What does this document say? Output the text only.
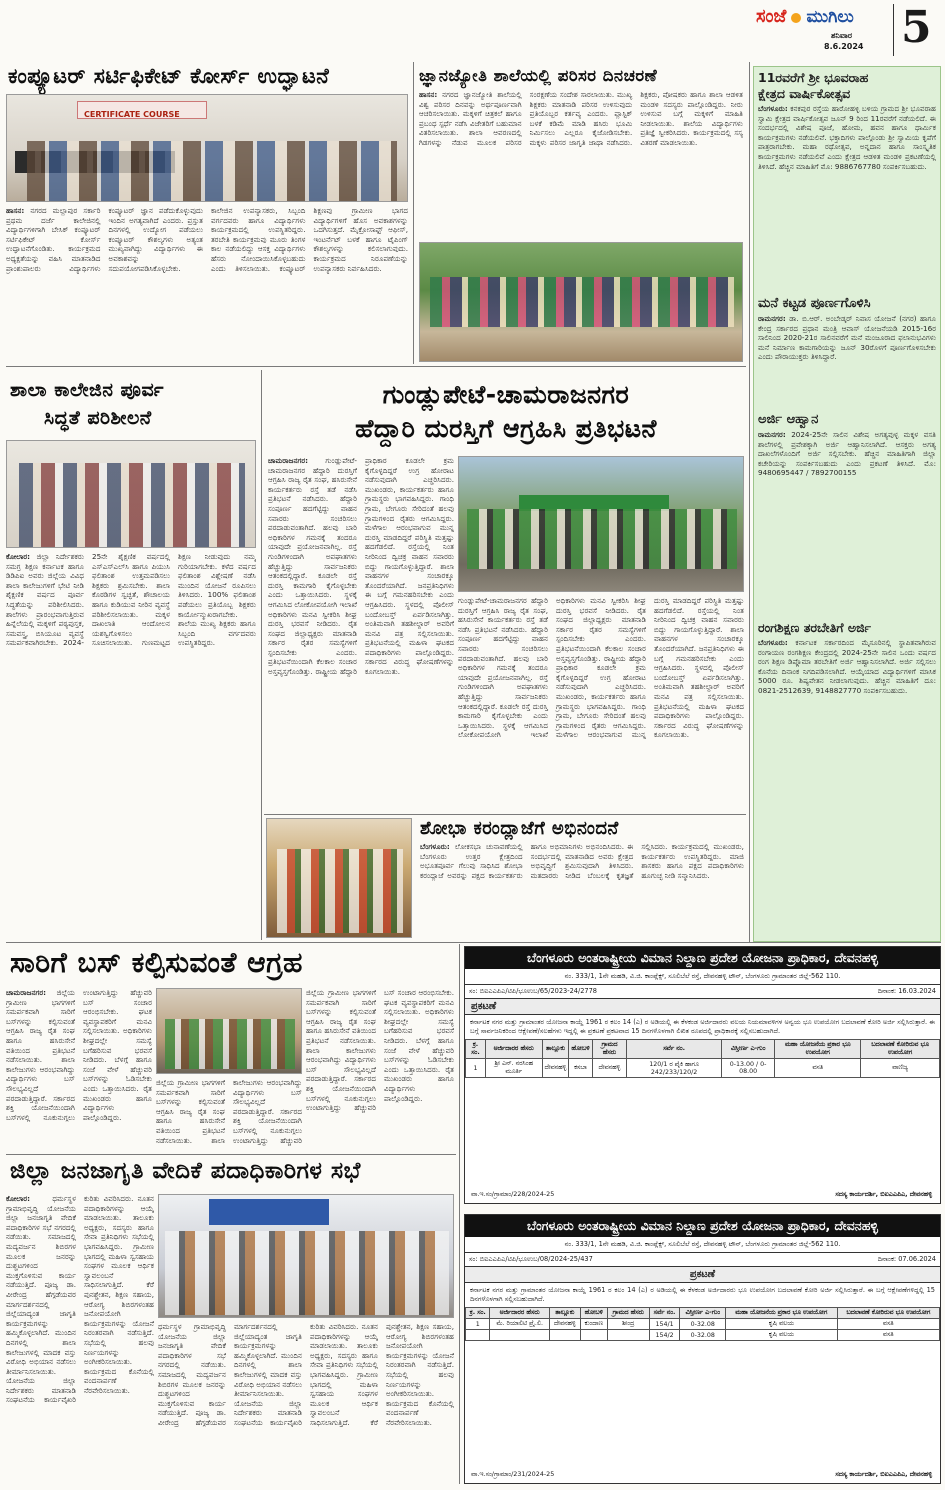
ಸಂಜೆ ಮುಗಿಲು
ಶನಿವಾರ
8.6.2024 5
ಕಂಪ್ಯೂಟರ್ ಸರ್ಟಿಫಿಕೇಟ್ ಕೋರ್ಸ್ ಉದ್ಘಾಟನೆ
CERTIFICATE COURSE
ಹಾಸನ: ನಗರದ ಮಲ್ಲಾಪುರ ಸರ್ಕಾರಿ ಪ್ರಥಮ ದರ್ಜೆ ಕಾಲೇಜಿನಲ್ಲಿ ವಿದ್ಯಾರ್ಥಿಗಳಿಗಾಗಿ ಬೇಸಿಕ್ ಕಂಪ್ಯೂಟರ್ ಸರ್ಟಿಫಿಕೇಟ್ ಕೋರ್ಸ್ ಉದ್ಘಾಟನೆಗೊಂಡಿತು. ಕಾರ್ಯಕ್ರಮದ ಅಧ್ಯಕ್ಷತೆಯನ್ನು ವಹಿಸಿ ಮಾತನಾಡಿದ ಪ್ರಾಂಶುಪಾಲರು ವಿದ್ಯಾರ್ಥಿಗಳು ಕಂಪ್ಯೂಟರ್ ಜ್ಞಾನ ಪಡೆದುಕೊಳ್ಳುವುದು ಇಂದಿನ ಅಗತ್ಯವಾಗಿದೆ ಎಂದರು. ಪ್ರಸ್ತುತ ದಿನಗಳಲ್ಲಿ ಉದ್ಯೋಗ ಪಡೆಯಲು ಕಂಪ್ಯೂಟರ್ ಕೌಶಲ್ಯಗಳು ಅತ್ಯಂತ ಮುಖ್ಯವಾಗಿದ್ದು ವಿದ್ಯಾರ್ಥಿಗಳು ಈ ಅವಕಾಶವನ್ನು ಸದುಪಯೋಗಪಡಿಸಿಕೊಳ್ಳಬೇಕು. ಕಾಲೇಜಿನ ಉಪನ್ಯಾಸಕರು, ಸಿಬ್ಬಂದಿ ವರ್ಗದವರು ಹಾಗೂ ವಿದ್ಯಾರ್ಥಿಗಳು ಕಾರ್ಯಕ್ರಮದಲ್ಲಿ ಉಪಸ್ಥಿತರಿದ್ದರು. ತರಬೇತಿ ಕಾರ್ಯಕ್ರಮವು ಮೂರು ತಿಂಗಳ ಕಾಲ ನಡೆಯಲಿದ್ದು ಆಸಕ್ತ ವಿದ್ಯಾರ್ಥಿಗಳು ಹೆಸರು ನೋಂದಾಯಿಸಿಕೊಳ್ಳಬಹುದು ಎಂದು ತಿಳಿಸಲಾಯಿತು. ಕಂಪ್ಯೂಟರ್ ಶಿಕ್ಷಣವು ಗ್ರಾಮೀಣ ಭಾಗದ ವಿದ್ಯಾರ್ಥಿಗಳಿಗೆ ಹೊಸ ಅವಕಾಶಗಳನ್ನು ಒದಗಿಸುತ್ತದೆ. ಮೈಕ್ರೋಸಾಫ್ಟ್ ಆಫೀಸ್, ಇಂಟರ್ನೆಟ್ ಬಳಕೆ ಹಾಗೂ ಟೈಪಿಂಗ್ ಕೌಶಲ್ಯಗಳನ್ನು ಕಲಿಸಲಾಗುವುದು. ಕಾರ್ಯಕ್ರಮದ ನಿರೂಪಣೆಯನ್ನು ಉಪನ್ಯಾಸಕರು ನಿರ್ವಹಿಸಿದರು.
ಜ್ಞಾನಜ್ಯೋತಿ ಶಾಲೆಯಲ್ಲಿ ಪರಿಸರ ದಿನಚರಣೆ
ಹಾಸನ: ನಗರದ ಜ್ಞಾನಜ್ಯೋತಿ ಶಾಲೆಯಲ್ಲಿ ವಿಶ್ವ ಪರಿಸರ ದಿನವನ್ನು ಅರ್ಥಪೂರ್ಣವಾಗಿ ಆಚರಿಸಲಾಯಿತು. ಮಕ್ಕಳಿಗೆ ಚಿತ್ರಕಲೆ ಹಾಗೂ ಪ್ರಬಂಧ ಸ್ಪರ್ಧೆ ನಡೆಸಿ ವಿಜೇತರಿಗೆ ಬಹುಮಾನ ವಿತರಿಸಲಾಯಿತು. ಶಾಲಾ ಆವರಣದಲ್ಲಿ ಗಿಡಗಳನ್ನು ನೆಡುವ ಮೂಲಕ ಪರಿಸರ ಸಂರಕ್ಷಣೆಯ ಸಂದೇಶ ಸಾರಲಾಯಿತು. ಮುಖ್ಯ ಶಿಕ್ಷಕರು ಮಾತನಾಡಿ ಪರಿಸರ ಉಳಿಸುವುದು ಪ್ರತಿಯೊಬ್ಬರ ಕರ್ತವ್ಯ ಎಂದರು. ಪ್ಲಾಸ್ಟಿಕ್ ಬಳಕೆ ಕಡಿಮೆ ಮಾಡಿ ಹಸಿರು ಭೂಮಿ ನಿರ್ಮಿಸಲು ಎಲ್ಲರೂ ಕೈಜೋಡಿಸಬೇಕು. ಮಕ್ಕಳು ಪರಿಸರ ಜಾಗೃತಿ ಜಾಥಾ ನಡೆಸಿದರು. ಶಿಕ್ಷಕರು, ಪೋಷಕರು ಹಾಗೂ ಶಾಲಾ ಆಡಳಿತ ಮಂಡಳಿ ಸದಸ್ಯರು ಪಾಲ್ಗೊಂಡಿದ್ದರು. ನೀರು ಉಳಿಸುವ ಬಗ್ಗೆ ಮಕ್ಕಳಿಗೆ ಮಾಹಿತಿ ನೀಡಲಾಯಿತು. ಶಾಲೆಯ ವಿದ್ಯಾರ್ಥಿಗಳು ಪ್ರತಿಜ್ಞೆ ಸ್ವೀಕರಿಸಿದರು. ಕಾರ್ಯಕ್ರಮದಲ್ಲಿ ಸಸ್ಯ ವಿತರಣೆ ಮಾಡಲಾಯಿತು.
11ರವರೆಗೆ ಶ್ರೀ ಭೂವರಾಹ
ಕ್ಷೇತ್ರದ ವಾರ್ಷಿಕೋತ್ಸವ
ಬೆಂಗಳೂರು: ಕನಕಪುರ ರಸ್ತೆಯ ಹಾರೋಹಳ್ಳಿ ಬಳಿಯ ಗ್ರಾಮದ ಶ್ರೀ ಭೂವರಾಹ ಸ್ವಾಮಿ ಕ್ಷೇತ್ರದ ವಾರ್ಷಿಕೋತ್ಸವ ಜೂನ್ 9 ರಿಂದ 11ರವರೆಗೆ ನಡೆಯಲಿದೆ. ಈ ಸಂದರ್ಭದಲ್ಲಿ ವಿಶೇಷ ಪೂಜೆ, ಹೋಮ, ಹವನ ಹಾಗೂ ಧಾರ್ಮಿಕ ಕಾರ್ಯಕ್ರಮಗಳು ನಡೆಯಲಿವೆ. ಭಕ್ತಾದಿಗಳು ಪಾಲ್ಗೊಂಡು ಶ್ರೀ ಸ್ವಾಮಿಯ ಕೃಪೆಗೆ ಪಾತ್ರರಾಗಬೇಕು. ಮಹಾ ರಥೋತ್ಸವ, ಅನ್ನದಾನ ಹಾಗೂ ಸಾಂಸ್ಕೃತಿಕ ಕಾರ್ಯಕ್ರಮಗಳು ನಡೆಯಲಿವೆ ಎಂದು ಕ್ಷೇತ್ರದ ಆಡಳಿತ ಮಂಡಳಿ ಪ್ರಕಟಣೆಯಲ್ಲಿ ತಿಳಿಸಿದೆ. ಹೆಚ್ಚಿನ ಮಾಹಿತಿಗೆ ಮೊ: 9886767780 ಸಂಪರ್ಕಿಸಬಹುದು.
ಮನೆ ಕಟ್ಟಡ ಪೂರ್ಣಗೊಳಿಸಿ
ರಾಮನಗರ: ಡಾ. ಬಿ.ಆರ್. ಅಂಬೇಡ್ಕರ್ ನಿವಾಸ ಯೋಜನೆ (ನಗರ) ಹಾಗೂ ಕೇಂದ್ರ ಸರ್ಕಾರದ ಪ್ರಧಾನ ಮಂತ್ರಿ ಆವಾಸ್ ಯೋಜನೆಯಡಿ 2015-16ರ ಸಾಲಿನಿಂದ 2020-21ರ ಸಾಲಿನವರೆಗೆ ಮನೆ ಮಂಜೂರಾದ ಫಲಾನುಭವಿಗಳು ಮನೆ ನಿರ್ಮಾಣ ಕಾಮಗಾರಿಯನ್ನು ಜೂನ್ 30ರೊಳಗೆ ಪೂರ್ಣಗೊಳಿಸಬೇಕು ಎಂದು ಪೌರಾಯುಕ್ತರು ತಿಳಿಸಿದ್ದಾರೆ.
ಅರ್ಜಿ ಆಹ್ವಾನ
ರಾಮನಗರ: 2024-25ನೇ ಸಾಲಿನ ವಿಶೇಷ ಅಗತ್ಯವುಳ್ಳ ಮಕ್ಕಳ ವಸತಿ ಶಾಲೆಗಳಲ್ಲಿ ಪ್ರವೇಶಕ್ಕಾಗಿ ಅರ್ಜಿ ಆಹ್ವಾನಿಸಲಾಗಿದೆ. ಆಸಕ್ತರು ಅಗತ್ಯ ದಾಖಲೆಗಳೊಂದಿಗೆ ಅರ್ಜಿ ಸಲ್ಲಿಸಬೇಕು. ಹೆಚ್ಚಿನ ಮಾಹಿತಿಗಾಗಿ ಜಿಲ್ಲಾ ಕಚೇರಿಯನ್ನು ಸಂಪರ್ಕಿಸಬಹುದು ಎಂದು ಪ್ರಕಟಣೆ ತಿಳಿಸಿದೆ. ಮೊ: 9480695447 / 7892700155
ರಂಗಶಿಕ್ಷಣ ತರಬೇತಿಗೆ ಅರ್ಜಿ
ಬೆಂಗಳೂರು: ಕರ್ನಾಟಕ ಸರ್ಕಾರದಿಂದ ಮೈಸೂರಿನಲ್ಲಿ ಸ್ಥಾಪಿತವಾಗಿರುವ ರಂಗಾಯಣ ರಂಗಶಿಕ್ಷಣ ಕೇಂದ್ರದಲ್ಲಿ 2024-25ನೇ ಸಾಲಿನ ಒಂದು ವರ್ಷದ ರಂಗ ಶಿಕ್ಷಣ ಡಿಪ್ಲೊಮಾ ತರಬೇತಿಗೆ ಅರ್ಜಿ ಆಹ್ವಾನಿಸಲಾಗಿದೆ. ಅರ್ಜಿ ಸಲ್ಲಿಸಲು ಕೊನೆಯ ದಿನಾಂಕ ನಿಗದಿಪಡಿಸಲಾಗಿದೆ. ಆಯ್ಕೆಯಾದ ವಿದ್ಯಾರ್ಥಿಗಳಿಗೆ ಮಾಸಿಕ 5000 ರೂ. ಶಿಷ್ಯವೇತನ ನೀಡಲಾಗುವುದು. ಹೆಚ್ಚಿನ ಮಾಹಿತಿಗೆ ದೂ: 0821-2512639, 9148827770 ಸಂಪರ್ಕಿಸಬಹುದು.
ಶಾಲಾ ಕಾಲೇಜಿನ ಪೂರ್ವ
ಸಿದ್ಧತೆ ಪರಿಶೀಲನೆ
ಕೋಲಾರ: ಜಿಲ್ಲಾ ನಿರ್ದೇಶಕರು ಸಮಗ್ರ ಶಿಕ್ಷಣ ಕರ್ನಾಟಕ ಹಾಗೂ ಡಿಡಿಪಿಐ ಅವರು ಜಿಲ್ಲೆಯ ವಿವಿಧ ಶಾಲಾ ಕಾಲೇಜುಗಳಿಗೆ ಭೇಟಿ ನೀಡಿ ಶೈಕ್ಷಣಿಕ ವರ್ಷದ ಪೂರ್ವ ಸಿದ್ಧತೆಯನ್ನು ಪರಿಶೀಲಿಸಿದರು. ಶಾಲೆಗಳು ಪ್ರಾರಂಭವಾಗುತ್ತಿರುವ ಹಿನ್ನೆಲೆಯಲ್ಲಿ ಮಕ್ಕಳಿಗೆ ಪಠ್ಯಪುಸ್ತಕ, ಸಮವಸ್ತ್ರ, ಬಿಸಿಯೂಟ ವ್ಯವಸ್ಥೆ ಸಮರ್ಪಕವಾಗಿರಬೇಕು. 2024-25ನೇ ಶೈಕ್ಷಣಿಕ ವರ್ಷದಲ್ಲಿ ಎಸ್‌ಎಸ್‌ಎಲ್‌ಸಿ ಹಾಗೂ ಪಿಯುಸಿ ಫಲಿತಾಂಶ ಉತ್ತಮಪಡಿಸಲು ಶಿಕ್ಷಕರು ಶ್ರಮಿಸಬೇಕು. ಶಾಲಾ ಕೊಠಡಿಗಳ ಸ್ವಚ್ಛತೆ, ಶೌಚಾಲಯ ಹಾಗೂ ಕುಡಿಯುವ ನೀರಿನ ವ್ಯವಸ್ಥೆ ಪರಿಶೀಲಿಸಲಾಯಿತು. ಮಕ್ಕಳ ದಾಖಲಾತಿ ಆಂದೋಲನ ಯಶಸ್ವಿಗೊಳಿಸಲು ಸೂಚಿಸಲಾಯಿತು. ಗುಣಮಟ್ಟದ ಶಿಕ್ಷಣ ನೀಡುವುದು ನಮ್ಮ ಗುರಿಯಾಗಬೇಕು. ಕಳೆದ ವರ್ಷದ ಫಲಿತಾಂಶ ವಿಶ್ಲೇಷಣೆ ನಡೆಸಿ ಮುಂದಿನ ಯೋಜನೆ ರೂಪಿಸಲು ತಿಳಿಸಿದರು. 100% ಫಲಿತಾಂಶ ಪಡೆಯಲು ಪ್ರತಿಯೊಬ್ಬ ಶಿಕ್ಷಕರು ಕಾರ್ಯೋನ್ಮುಖರಾಗಬೇಕು. ಶಾಲೆಯ ಮುಖ್ಯ ಶಿಕ್ಷಕರು ಹಾಗೂ ಸಿಬ್ಬಂದಿ ವರ್ಗದವರು ಉಪಸ್ಥಿತರಿದ್ದರು.
ಗುಂಡ್ಲುಪೇಟೆ-ಚಾಮರಾಜನಗರ
ಹೆದ್ದಾರಿ ದುರಸ್ತಿಗೆ ಆಗ್ರಹಿಸಿ ಪ್ರತಿಭಟನೆ
ಚಾಮರಾಜನಗರ: ಗುಂಡ್ಲುಪೇಟೆ-ಚಾಮರಾಜನಗರ ಹೆದ್ದಾರಿ ದುರಸ್ತಿಗೆ ಆಗ್ರಹಿಸಿ ರಾಜ್ಯ ರೈತ ಸಂಘ, ಹಸಿರುಸೇನೆ ಕಾರ್ಯಕರ್ತರು ರಸ್ತೆ ತಡೆ ನಡೆಸಿ ಪ್ರತಿಭಟನೆ ನಡೆಸಿದರು. ಹೆದ್ದಾರಿ ಸಂಪೂರ್ಣ ಹದಗೆಟ್ಟಿದ್ದು ವಾಹನ ಸವಾರರು ಸಂಚರಿಸಲು ಪರದಾಡುವಂತಾಗಿದೆ. ಹಲವು ಬಾರಿ ಅಧಿಕಾರಿಗಳ ಗಮನಕ್ಕೆ ತಂದರೂ ಯಾವುದೇ ಪ್ರಯೋಜನವಾಗಿಲ್ಲ. ರಸ್ತೆ ಗುಂಡಿಗಳಿಂದಾಗಿ ಅಪಘಾತಗಳು ಹೆಚ್ಚುತ್ತಿದ್ದು ಸಾರ್ವಜನಿಕರು ಆತಂಕದಲ್ಲಿದ್ದಾರೆ. ಕೂಡಲೇ ರಸ್ತೆ ದುರಸ್ತಿ ಕಾಮಗಾರಿ ಕೈಗೊಳ್ಳಬೇಕು ಎಂದು ಒತ್ತಾಯಿಸಿದರು. ಸ್ಥಳಕ್ಕೆ ಆಗಮಿಸಿದ ಲೋಕೋಪಯೋಗಿ ಇಲಾಖೆ ಅಧಿಕಾರಿಗಳು ಮನವಿ ಸ್ವೀಕರಿಸಿ ಶೀಘ್ರ ದುರಸ್ತಿ ಭರವಸೆ ನೀಡಿದರು. ರೈತ ಸಂಘದ ಜಿಲ್ಲಾಧ್ಯಕ್ಷರು ಮಾತನಾಡಿ ಸರ್ಕಾರ ರೈತರ ಸಮಸ್ಯೆಗಳಿಗೆ ಸ್ಪಂದಿಸಬೇಕು ಎಂದರು. ಪ್ರತಿಭಟನೆಯಿಂದಾಗಿ ಕೆಲಕಾಲ ಸಂಚಾರ ಅಸ್ತವ್ಯಸ್ತಗೊಂಡಿತ್ತು. ರಾಷ್ಟ್ರೀಯ ಹೆದ್ದಾರಿ ಪ್ರಾಧಿಕಾರ ಕೂಡಲೇ ಕ್ರಮ ಕೈಗೊಳ್ಳದಿದ್ದರೆ ಉಗ್ರ ಹೋರಾಟ ನಡೆಸುವುದಾಗಿ ಎಚ್ಚರಿಸಿದರು. ಮುಖಂಡರು, ಕಾರ್ಯಕರ್ತರು ಹಾಗೂ ಗ್ರಾಮಸ್ಥರು ಭಾಗವಹಿಸಿದ್ದರು. ಗಾಂಧಿ ಗ್ರಾಮ, ಬೇಗೂರು ಸೇರಿದಂತೆ ಹಲವು ಗ್ರಾಮಗಳಿಂದ ರೈತರು ಆಗಮಿಸಿದ್ದರು. ಮಳೆಗಾಲ ಆರಂಭವಾಗುವ ಮುನ್ನ ದುರಸ್ತಿ ಮಾಡದಿದ್ದರೆ ಪರಿಸ್ಥಿತಿ ಮತ್ತಷ್ಟು ಹದಗೆಡಲಿದೆ. ರಸ್ತೆಯಲ್ಲಿ ನಿಂತ ನೀರಿನಿಂದ ದ್ವಿಚಕ್ರ ವಾಹನ ಸವಾರರು ಬಿದ್ದು ಗಾಯಗೊಳ್ಳುತ್ತಿದ್ದಾರೆ. ಶಾಲಾ ವಾಹನಗಳ ಸಂಚಾರಕ್ಕೂ ತೊಂದರೆಯಾಗಿದೆ. ಜನಪ್ರತಿನಿಧಿಗಳು ಈ ಬಗ್ಗೆ ಗಮನಹರಿಸಬೇಕು ಎಂದು ಆಗ್ರಹಿಸಿದರು. ಸ್ಥಳದಲ್ಲಿ ಪೊಲೀಸ್ ಬಂದೋಬಸ್ತ್ ಏರ್ಪಡಿಸಲಾಗಿತ್ತು. ಅಂತಿಮವಾಗಿ ತಹಶೀಲ್ದಾರ್ ಅವರಿಗೆ ಮನವಿ ಪತ್ರ ಸಲ್ಲಿಸಲಾಯಿತು. ಪ್ರತಿಭಟನೆಯಲ್ಲಿ ಮಹಿಳಾ ಘಟಕದ ಪದಾಧಿಕಾರಿಗಳು ಪಾಲ್ಗೊಂಡಿದ್ದರು. ಸರ್ಕಾರದ ವಿರುದ್ಧ ಘೋಷಣೆಗಳನ್ನು ಕೂಗಲಾಯಿತು.
ಗುಂಡ್ಲುಪೇಟೆ-ಚಾಮರಾಜನಗರ ಹೆದ್ದಾರಿ ದುರಸ್ತಿಗೆ ಆಗ್ರಹಿಸಿ ರಾಜ್ಯ ರೈತ ಸಂಘ, ಹಸಿರುಸೇನೆ ಕಾರ್ಯಕರ್ತರು ರಸ್ತೆ ತಡೆ ನಡೆಸಿ ಪ್ರತಿಭಟನೆ ನಡೆಸಿದರು. ಹೆದ್ದಾರಿ ಸಂಪೂರ್ಣ ಹದಗೆಟ್ಟಿದ್ದು ವಾಹನ ಸವಾರರು ಸಂಚರಿಸಲು ಪರದಾಡುವಂತಾಗಿದೆ. ಹಲವು ಬಾರಿ ಅಧಿಕಾರಿಗಳ ಗಮನಕ್ಕೆ ತಂದರೂ ಯಾವುದೇ ಪ್ರಯೋಜನವಾಗಿಲ್ಲ. ರಸ್ತೆ ಗುಂಡಿಗಳಿಂದಾಗಿ ಅಪಘಾತಗಳು ಹೆಚ್ಚುತ್ತಿದ್ದು ಸಾರ್ವಜನಿಕರು ಆತಂಕದಲ್ಲಿದ್ದಾರೆ. ಕೂಡಲೇ ರಸ್ತೆ ದುರಸ್ತಿ ಕಾಮಗಾರಿ ಕೈಗೊಳ್ಳಬೇಕು ಎಂದು ಒತ್ತಾಯಿಸಿದರು. ಸ್ಥಳಕ್ಕೆ ಆಗಮಿಸಿದ ಲೋಕೋಪಯೋಗಿ ಇಲಾಖೆ ಅಧಿಕಾರಿಗಳು ಮನವಿ ಸ್ವೀಕರಿಸಿ ಶೀಘ್ರ ದುರಸ್ತಿ ಭರವಸೆ ನೀಡಿದರು. ರೈತ ಸಂಘದ ಜಿಲ್ಲಾಧ್ಯಕ್ಷರು ಮಾತನಾಡಿ ಸರ್ಕಾರ ರೈತರ ಸಮಸ್ಯೆಗಳಿಗೆ ಸ್ಪಂದಿಸಬೇಕು ಎಂದರು. ಪ್ರತಿಭಟನೆಯಿಂದಾಗಿ ಕೆಲಕಾಲ ಸಂಚಾರ ಅಸ್ತವ್ಯಸ್ತಗೊಂಡಿತ್ತು. ರಾಷ್ಟ್ರೀಯ ಹೆದ್ದಾರಿ ಪ್ರಾಧಿಕಾರ ಕೂಡಲೇ ಕ್ರಮ ಕೈಗೊಳ್ಳದಿದ್ದರೆ ಉಗ್ರ ಹೋರಾಟ ನಡೆಸುವುದಾಗಿ ಎಚ್ಚರಿಸಿದರು. ಮುಖಂಡರು, ಕಾರ್ಯಕರ್ತರು ಹಾಗೂ ಗ್ರಾಮಸ್ಥರು ಭಾಗವಹಿಸಿದ್ದರು. ಗಾಂಧಿ ಗ್ರಾಮ, ಬೇಗೂರು ಸೇರಿದಂತೆ ಹಲವು ಗ್ರಾಮಗಳಿಂದ ರೈತರು ಆಗಮಿಸಿದ್ದರು. ಮಳೆಗಾಲ ಆರಂಭವಾಗುವ ಮುನ್ನ ದುರಸ್ತಿ ಮಾಡದಿದ್ದರೆ ಪರಿಸ್ಥಿತಿ ಮತ್ತಷ್ಟು ಹದಗೆಡಲಿದೆ. ರಸ್ತೆಯಲ್ಲಿ ನಿಂತ ನೀರಿನಿಂದ ದ್ವಿಚಕ್ರ ವಾಹನ ಸವಾರರು ಬಿದ್ದು ಗಾಯಗೊಳ್ಳುತ್ತಿದ್ದಾರೆ. ಶಾಲಾ ವಾಹನಗಳ ಸಂಚಾರಕ್ಕೂ ತೊಂದರೆಯಾಗಿದೆ. ಜನಪ್ರತಿನಿಧಿಗಳು ಈ ಬಗ್ಗೆ ಗಮನಹರಿಸಬೇಕು ಎಂದು ಆಗ್ರಹಿಸಿದರು. ಸ್ಥಳದಲ್ಲಿ ಪೊಲೀಸ್ ಬಂದೋಬಸ್ತ್ ಏರ್ಪಡಿಸಲಾಗಿತ್ತು. ಅಂತಿಮವಾಗಿ ತಹಶೀಲ್ದಾರ್ ಅವರಿಗೆ ಮನವಿ ಪತ್ರ ಸಲ್ಲಿಸಲಾಯಿತು. ಪ್ರತಿಭಟನೆಯಲ್ಲಿ ಮಹಿಳಾ ಘಟಕದ ಪದಾಧಿಕಾರಿಗಳು ಪಾಲ್ಗೊಂಡಿದ್ದರು. ಸರ್ಕಾರದ ವಿರುದ್ಧ ಘೋಷಣೆಗಳನ್ನು ಕೂಗಲಾಯಿತು.
ಶೋಭಾ ಕರಂದ್ಲಾಜೆಗೆ ಅಭಿನಂದನೆ
ಬೆಂಗಳೂರು: ಲೋಕಸಭಾ ಚುನಾವಣೆಯಲ್ಲಿ ಬೆಂಗಳೂರು ಉತ್ತರ ಕ್ಷೇತ್ರದಿಂದ ಅಭೂತಪೂರ್ವ ಗೆಲುವು ಸಾಧಿಸಿದ ಶೋಭಾ ಕರಂದ್ಲಾಜೆ ಅವರನ್ನು ಪಕ್ಷದ ಕಾರ್ಯಕರ್ತರು ಹಾಗೂ ಅಭಿಮಾನಿಗಳು ಅಭಿನಂದಿಸಿದರು. ಈ ಸಂದರ್ಭದಲ್ಲಿ ಮಾತನಾಡಿದ ಅವರು ಕ್ಷೇತ್ರದ ಅಭಿವೃದ್ಧಿಗೆ ಶ್ರಮಿಸುವುದಾಗಿ ತಿಳಿಸಿದರು. ಮತದಾರರು ನೀಡಿದ ಬೆಂಬಲಕ್ಕೆ ಕೃತಜ್ಞತೆ ಸಲ್ಲಿಸಿದರು. ಕಾರ್ಯಕ್ರಮದಲ್ಲಿ ಮುಖಂಡರು, ಕಾರ್ಯಕರ್ತರು ಉಪಸ್ಥಿತರಿದ್ದರು. ಮಾಜಿ ಶಾಸಕರು ಹಾಗೂ ಪಕ್ಷದ ಪದಾಧಿಕಾರಿಗಳು ಹೂಗುಚ್ಛ ನೀಡಿ ಸನ್ಮಾನಿಸಿದರು.
ಸಾರಿಗೆ ಬಸ್ ಕಲ್ಪಿಸುವಂತೆ ಆಗ್ರಹ
ಚಾಮರಾಜನಗರ: ಜಿಲ್ಲೆಯ ಗ್ರಾಮೀಣ ಭಾಗಗಳಿಗೆ ಸಮರ್ಪಕವಾಗಿ ಸಾರಿಗೆ ಬಸ್‌ಗಳನ್ನು ಕಲ್ಪಿಸುವಂತೆ ಆಗ್ರಹಿಸಿ ರಾಜ್ಯ ರೈತ ಸಂಘ ಹಾಗೂ ಹಸಿರುಸೇನೆ ವತಿಯಿಂದ ಪ್ರತಿಭಟನೆ ನಡೆಸಲಾಯಿತು. ಶಾಲಾ ಕಾಲೇಜುಗಳು ಆರಂಭವಾಗಿದ್ದು ವಿದ್ಯಾರ್ಥಿಗಳು ಬಸ್ ಸೌಲಭ್ಯವಿಲ್ಲದೆ ಪರದಾಡುತ್ತಿದ್ದಾರೆ. ಸರ್ಕಾರದ ಶಕ್ತಿ ಯೋಜನೆಯಿಂದಾಗಿ ಬಸ್‌ಗಳಲ್ಲಿ ನೂಕುನುಗ್ಗಲು ಉಂಟಾಗುತ್ತಿದ್ದು ಹೆಚ್ಚುವರಿ ಬಸ್ ಸಂಚಾರ ಆರಂಭಿಸಬೇಕು. ಘಟಕ ವ್ಯವಸ್ಥಾಪಕರಿಗೆ ಮನವಿ ಸಲ್ಲಿಸಲಾಯಿತು. ಅಧಿಕಾರಿಗಳು ಶೀಘ್ರದಲ್ಲೇ ಸಮಸ್ಯೆ ಬಗೆಹರಿಸುವ ಭರವಸೆ ನೀಡಿದರು. ಬೆಳಗ್ಗೆ ಹಾಗೂ ಸಂಜೆ ವೇಳೆ ಹೆಚ್ಚುವರಿ ಬಸ್‌ಗಳನ್ನು ಓಡಿಸಬೇಕು ಎಂದು ಒತ್ತಾಯಿಸಿದರು. ರೈತ ಮುಖಂಡರು ಹಾಗೂ ವಿದ್ಯಾರ್ಥಿಗಳು ಪಾಲ್ಗೊಂಡಿದ್ದರು.
ಜಿಲ್ಲೆಯ ಗ್ರಾಮೀಣ ಭಾಗಗಳಿಗೆ ಸಮರ್ಪಕವಾಗಿ ಸಾರಿಗೆ ಬಸ್‌ಗಳನ್ನು ಕಲ್ಪಿಸುವಂತೆ ಆಗ್ರಹಿಸಿ ರಾಜ್ಯ ರೈತ ಸಂಘ ಹಾಗೂ ಹಸಿರುಸೇನೆ ವತಿಯಿಂದ ಪ್ರತಿಭಟನೆ ನಡೆಸಲಾಯಿತು. ಶಾಲಾ ಕಾಲೇಜುಗಳು ಆರಂಭವಾಗಿದ್ದು ವಿದ್ಯಾರ್ಥಿಗಳು ಬಸ್ ಸೌಲಭ್ಯವಿಲ್ಲದೆ ಪರದಾಡುತ್ತಿದ್ದಾರೆ. ಸರ್ಕಾರದ ಶಕ್ತಿ ಯೋಜನೆಯಿಂದಾಗಿ ಬಸ್‌ಗಳಲ್ಲಿ ನೂಕುನುಗ್ಗಲು ಉಂಟಾಗುತ್ತಿದ್ದು ಹೆಚ್ಚುವರಿ
ಜಿಲ್ಲೆಯ ಗ್ರಾಮೀಣ ಭಾಗಗಳಿಗೆ ಸಮರ್ಪಕವಾಗಿ ಸಾರಿಗೆ ಬಸ್‌ಗಳನ್ನು ಕಲ್ಪಿಸುವಂತೆ ಆಗ್ರಹಿಸಿ ರಾಜ್ಯ ರೈತ ಸಂಘ ಹಾಗೂ ಹಸಿರುಸೇನೆ ವತಿಯಿಂದ ಪ್ರತಿಭಟನೆ ನಡೆಸಲಾಯಿತು. ಶಾಲಾ ಕಾಲೇಜುಗಳು ಆರಂಭವಾಗಿದ್ದು ವಿದ್ಯಾರ್ಥಿಗಳು ಬಸ್ ಸೌಲಭ್ಯವಿಲ್ಲದೆ ಪರದಾಡುತ್ತಿದ್ದಾರೆ. ಸರ್ಕಾರದ ಶಕ್ತಿ ಯೋಜನೆಯಿಂದಾಗಿ ಬಸ್‌ಗಳಲ್ಲಿ ನೂಕುನುಗ್ಗಲು ಉಂಟಾಗುತ್ತಿದ್ದು ಹೆಚ್ಚುವರಿ ಬಸ್ ಸಂಚಾರ ಆರಂಭಿಸಬೇಕು. ಘಟಕ ವ್ಯವಸ್ಥಾಪಕರಿಗೆ ಮನವಿ ಸಲ್ಲಿಸಲಾಯಿತು. ಅಧಿಕಾರಿಗಳು ಶೀಘ್ರದಲ್ಲೇ ಸಮಸ್ಯೆ ಬಗೆಹರಿಸುವ ಭರವಸೆ ನೀಡಿದರು. ಬೆಳಗ್ಗೆ ಹಾಗೂ ಸಂಜೆ ವೇಳೆ ಹೆಚ್ಚುವರಿ ಬಸ್‌ಗಳನ್ನು ಓಡಿಸಬೇಕು ಎಂದು ಒತ್ತಾಯಿಸಿದರು. ರೈತ ಮುಖಂಡರು ಹಾಗೂ ವಿದ್ಯಾರ್ಥಿಗಳು ಪಾಲ್ಗೊಂಡಿದ್ದರು.
ಜಿಲ್ಲಾ ಜನಜಾಗೃತಿ ವೇದಿಕೆ ಪದಾಧಿಕಾರಿಗಳ ಸಭೆ
ಕೋಲಾರ:	ಧರ್ಮಸ್ಥಳ ಗ್ರಾಮಾಭಿವೃದ್ಧಿ ಯೋಜನೆಯ ಜಿಲ್ಲಾ ಜನಜಾಗೃತಿ ವೇದಿಕೆ ಪದಾಧಿಕಾರಿಗಳ ಸಭೆ ನಗರದಲ್ಲಿ ನಡೆಯಿತು. ಸಮಾಜದಲ್ಲಿ ಮದ್ಯವರ್ಜನ ಶಿಬಿರಗಳ ಮೂಲಕ ಜನರನ್ನು ದುಶ್ಚಟಗಳಿಂದ ಮುಕ್ತಗೊಳಿಸುವ ಕಾರ್ಯ ನಡೆಯುತ್ತಿದೆ. ಪೂಜ್ಯ ಡಾ. ವೀರೇಂದ್ರ ಹೆಗ್ಗಡೆಯವರ ಮಾರ್ಗದರ್ಶನದಲ್ಲಿ ಜಿಲ್ಲೆಯಾದ್ಯಂತ ಜಾಗೃತಿ ಕಾರ್ಯಕ್ರಮಗಳನ್ನು ಹಮ್ಮಿಕೊಳ್ಳಲಾಗಿದೆ. ಮುಂದಿನ ದಿನಗಳಲ್ಲಿ ಶಾಲಾ ಕಾಲೇಜುಗಳಲ್ಲಿ ಮಾದಕ ವಸ್ತು ವಿರೋಧಿ ಅಭಿಯಾನ ನಡೆಸಲು ತೀರ್ಮಾನಿಸಲಾಯಿತು. ಯೋಜನೆಯ ಜಿಲ್ಲಾ ನಿರ್ದೇಶಕರು ಮಾತನಾಡಿ ಸಂಘಟನೆಯ ಕಾರ್ಯವೈಖರಿ ಕುರಿತು ವಿವರಿಸಿದರು. ನೂತನ ಪದಾಧಿಕಾರಿಗಳನ್ನು ಆಯ್ಕೆ ಮಾಡಲಾಯಿತು. ತಾಲೂಕು ಅಧ್ಯಕ್ಷರು, ಸದಸ್ಯರು ಹಾಗೂ ಸೇವಾ ಪ್ರತಿನಿಧಿಗಳು ಸಭೆಯಲ್ಲಿ ಭಾಗವಹಿಸಿದ್ದರು. ಗ್ರಾಮೀಣ ಭಾಗದಲ್ಲಿ ಮಹಿಳಾ ಸ್ವಸಹಾಯ ಸಂಘಗಳ ಮೂಲಕ ಆರ್ಥಿಕ ಸ್ವಾವಲಂಬನೆ ಸಾಧಿಸಲಾಗುತ್ತಿದೆ. ಕೆರೆ ಪುನಶ್ಚೇತನ, ಶಿಕ್ಷಣ ಸಹಾಯ, ಆರೋಗ್ಯ ಶಿಬಿರಗಳಂತಹ ಜನೋಪಯೋಗಿ ಕಾರ್ಯಕ್ರಮಗಳನ್ನು ಯೋಜನೆ ನಿರಂತರವಾಗಿ ನಡೆಸುತ್ತಿದೆ. ಸಭೆಯಲ್ಲಿ ಹಲವು ನಿರ್ಣಯಗಳನ್ನು ಅಂಗೀಕರಿಸಲಾಯಿತು. ಕಾರ್ಯಕ್ರಮದ ಕೊನೆಯಲ್ಲಿ ವಂದನಾರ್ಪಣೆ ನೆರವೇರಿಸಲಾಯಿತು.
ಧರ್ಮಸ್ಥಳ ಗ್ರಾಮಾಭಿವೃದ್ಧಿ ಯೋಜನೆಯ ಜಿಲ್ಲಾ ಜನಜಾಗೃತಿ ವೇದಿಕೆ ಪದಾಧಿಕಾರಿಗಳ ಸಭೆ ನಗರದಲ್ಲಿ ನಡೆಯಿತು. ಸಮಾಜದಲ್ಲಿ ಮದ್ಯವರ್ಜನ ಶಿಬಿರಗಳ ಮೂಲಕ ಜನರನ್ನು ದುಶ್ಚಟಗಳಿಂದ ಮುಕ್ತಗೊಳಿಸುವ ಕಾರ್ಯ ನಡೆಯುತ್ತಿದೆ. ಪೂಜ್ಯ ಡಾ. ವೀರೇಂದ್ರ ಹೆಗ್ಗಡೆಯವರ ಮಾರ್ಗದರ್ಶನದಲ್ಲಿ ಜಿಲ್ಲೆಯಾದ್ಯಂತ ಜಾಗೃತಿ ಕಾರ್ಯಕ್ರಮಗಳನ್ನು ಹಮ್ಮಿಕೊಳ್ಳಲಾಗಿದೆ. ಮುಂದಿನ ದಿನಗಳಲ್ಲಿ ಶಾಲಾ ಕಾಲೇಜುಗಳಲ್ಲಿ ಮಾದಕ ವಸ್ತು ವಿರೋಧಿ ಅಭಿಯಾನ ನಡೆಸಲು ತೀರ್ಮಾನಿಸಲಾಯಿತು. ಯೋಜನೆಯ ಜಿಲ್ಲಾ ನಿರ್ದೇಶಕರು ಮಾತನಾಡಿ ಸಂಘಟನೆಯ ಕಾರ್ಯವೈಖರಿ ಕುರಿತು ವಿವರಿಸಿದರು. ನೂತನ ಪದಾಧಿಕಾರಿಗಳನ್ನು ಆಯ್ಕೆ ಮಾಡಲಾಯಿತು. ತಾಲೂಕು ಅಧ್ಯಕ್ಷರು, ಸದಸ್ಯರು ಹಾಗೂ ಸೇವಾ ಪ್ರತಿನಿಧಿಗಳು ಸಭೆಯಲ್ಲಿ ಭಾಗವಹಿಸಿದ್ದರು. ಗ್ರಾಮೀಣ ಭಾಗದಲ್ಲಿ ಮಹಿಳಾ ಸ್ವಸಹಾಯ ಸಂಘಗಳ ಮೂಲಕ ಆರ್ಥಿಕ ಸ್ವಾವಲಂಬನೆ ಸಾಧಿಸಲಾಗುತ್ತಿದೆ. ಕೆರೆ ಪುನಶ್ಚೇತನ, ಶಿಕ್ಷಣ ಸಹಾಯ, ಆರೋಗ್ಯ ಶಿಬಿರಗಳಂತಹ ಜನೋಪಯೋಗಿ ಕಾರ್ಯಕ್ರಮಗಳನ್ನು ಯೋಜನೆ ನಿರಂತರವಾಗಿ ನಡೆಸುತ್ತಿದೆ. ಸಭೆಯಲ್ಲಿ ಹಲವು ನಿರ್ಣಯಗಳನ್ನು ಅಂಗೀಕರಿಸಲಾಯಿತು. ಕಾರ್ಯಕ್ರಮದ ಕೊನೆಯಲ್ಲಿ ವಂದನಾರ್ಪಣೆ ನೆರವೇರಿಸಲಾಯಿತು.
ಬೆಂಗಳೂರು ಅಂತರಾಷ್ಟ್ರೀಯ ವಿಮಾನ ನಿಲ್ದಾಣ ಪ್ರದೇಶ ಯೋಜನಾ ಪ್ರಾಧಿಕಾರ, ದೇವನಹಳ್ಳಿ
ನಂ. 333/1, 1ನೇ ಮಹಡಿ, ವಿ.ಜಿ. ಕಾಂಪ್ಲೆಕ್ಸ್, ಸೂಲಿಬೆಲೆ ರಸ್ತೆ, ದೇವನಹಳ್ಳಿ ಟೌನ್, ಬೆಂಗಳೂರು ಗ್ರಾಮಾಂತರ ಜಿಲ್ಲೆ-562 110.
ಸಂ: ಬಿಐಎಎಪಿಎ/ಟಿಪಿ/ಭೂಉಬ/65/2023-24/2778	ದಿನಾಂಕ: 16.03.2024
ಪ್ರಕಟಣೆ
ಕರ್ನಾಟಕ ನಗರ ಮತ್ತು ಗ್ರಾಮಾಂತರ ಯೋಜನಾ ಕಾಯ್ದೆ 1961 ರ ಕಲಂ 14 (ಎ) ರ ಅಡಿಯಲ್ಲಿ ಈ ಕೆಳಕಂಡ ಅರ್ಜಿದಾರರು ವಲಯ ನಿಯಮಾವಳಿಗಳ ಅನ್ವಯ ಭೂ ಉಪಯೋಗ ಬದಲಾವಣೆ ಕೋರಿ ಅರ್ಜಿ ಸಲ್ಲಿಸಿರುತ್ತಾರೆ. ಈ ಬಗ್ಗೆ ಸಾರ್ವಜನಿಕರಿಂದ ಆಕ್ಷೇಪಣೆ/ಸಲಹೆಗಳು ಇದ್ದಲ್ಲಿ ಈ ಪ್ರಕಟಣೆ ಪ್ರಕಟವಾದ 15 ದಿನಗಳೊಳಗಾಗಿ ಲಿಖಿತ ರೂಪದಲ್ಲಿ ಪ್ರಾಧಿಕಾರಕ್ಕೆ ಸಲ್ಲಿಸಬಹುದಾಗಿದೆ.
ಕ್ರ. ಸಂ.	ಅರ್ಜಿದಾರರ ಹೆಸರು	ತಾಲ್ಲೂಕು	ಹೋಬಳಿ	ಗ್ರಾಮದ ಹೆಸರು	ಸರ್ವೆ ನಂ.	ವಿಸ್ತೀರ್ಣ ಎ-ಗುಂ	ಮಹಾ ಯೋಜನೆಯ ಪ್ರಕಾರ ಭೂ ಉಪಯೋಗ	ಬದಲಾವಣೆ ಕೋರಿರುವ ಭೂ ಉಪಯೋಗ
1	ಶ್ರೀ ಎನ್. ನರಸಿಂಹ ಮೂರ್ತಿ	ದೇವನಹಳ್ಳಿ	ಕಸಬಾ	ದೇವನಹಳ್ಳಿ	120/1 ರ ಪೈಕಿ ಹಾಗೂ 242/233/120/2	0-13.00 / 0-08.00	ವಸತಿ	ವಾಣಿಜ್ಯ
ವಾ.ಇ.ಸಂ/ಗ್ರಾಮಾಂ/228/2024-25	ಸದಸ್ಯ ಕಾರ್ಯದರ್ಶಿ, ಬಿಐಎಎಪಿಎ, ದೇವನಹಳ್ಳಿ
ಬೆಂಗಳೂರು ಅಂತರಾಷ್ಟ್ರೀಯ ವಿಮಾನ ನಿಲ್ದಾಣ ಪ್ರದೇಶ ಯೋಜನಾ ಪ್ರಾಧಿಕಾರ, ದೇವನಹಳ್ಳಿ
ನಂ. 333/1, 1ನೇ ಮಹಡಿ, ವಿ.ಜಿ. ಕಾಂಪ್ಲೆಕ್ಸ್, ಸೂಲಿಬೆಲೆ ರಸ್ತೆ, ದೇವನಹಳ್ಳಿ ಟೌನ್, ಬೆಂಗಳೂರು ಗ್ರಾಮಾಂತರ ಜಿಲ್ಲೆ-562 110.
ಸಂ: ಬಿಐಎಎಪಿಎ/ಟಿಪಿ/ಭೂಉಬ/08/2024-25/437	ದಿನಾಂಕ: 07.06.2024
ಪ್ರಕಟಣೆ
ಕರ್ನಾಟಕ ನಗರ ಮತ್ತು ಗ್ರಾಮಾಂತರ ಯೋಜನಾ ಕಾಯ್ದೆ 1961 ರ ಕಲಂ 14 (ಎ) ರ ಅಡಿಯಲ್ಲಿ ಈ ಕೆಳಕಂಡ ಅರ್ಜಿದಾರರು ಭೂ ಉಪಯೋಗ ಬದಲಾವಣೆ ಕೋರಿ ಅರ್ಜಿ ಸಲ್ಲಿಸಿರುತ್ತಾರೆ. ಈ ಬಗ್ಗೆ ಆಕ್ಷೇಪಣೆಗಳಿದ್ದಲ್ಲಿ 15 ದಿನಗಳೊಳಗಾಗಿ ಸಲ್ಲಿಸಬಹುದಾಗಿದೆ.
ಕ್ರ. ಸಂ.	ಅರ್ಜಿದಾರರ ಹೆಸರು	ತಾಲ್ಲೂಕು	ಹೋಬಳಿ	ಗ್ರಾಮದ ಹೆಸರು	ಸರ್ವೆ ನಂ.	ವಿಸ್ತೀರ್ಣ ಎ-ಗುಂ	ಮಹಾ ಯೋಜನೆಯ ಪ್ರಕಾರ ಭೂ ಉಪಯೋಗ	ಬದಲಾವಣೆ ಕೋರಿರುವ ಭೂ ಉಪಯೋಗ
1	ಮೆ. ರಿಯಾಲಿಟಿ ಪ್ರೈ.ಲಿ.	ದೇವನಹಳ್ಳಿ	ಕುಂದಾಣ	ಶೀಂದ್ರ	154/1	0-32.08	ಕೃಷಿ ವಲಯ	ವಸತಿ
					154/2	0-32.08	ಕೃಷಿ ವಲಯ	ವಸತಿ
ವಾ.ಇ.ಸಂ/ಗ್ರಾಮಾಂ/231/2024-25	ಸದಸ್ಯ ಕಾರ್ಯದರ್ಶಿ, ಬಿಐಎಎಪಿಎ, ದೇವನಹಳ್ಳಿ
